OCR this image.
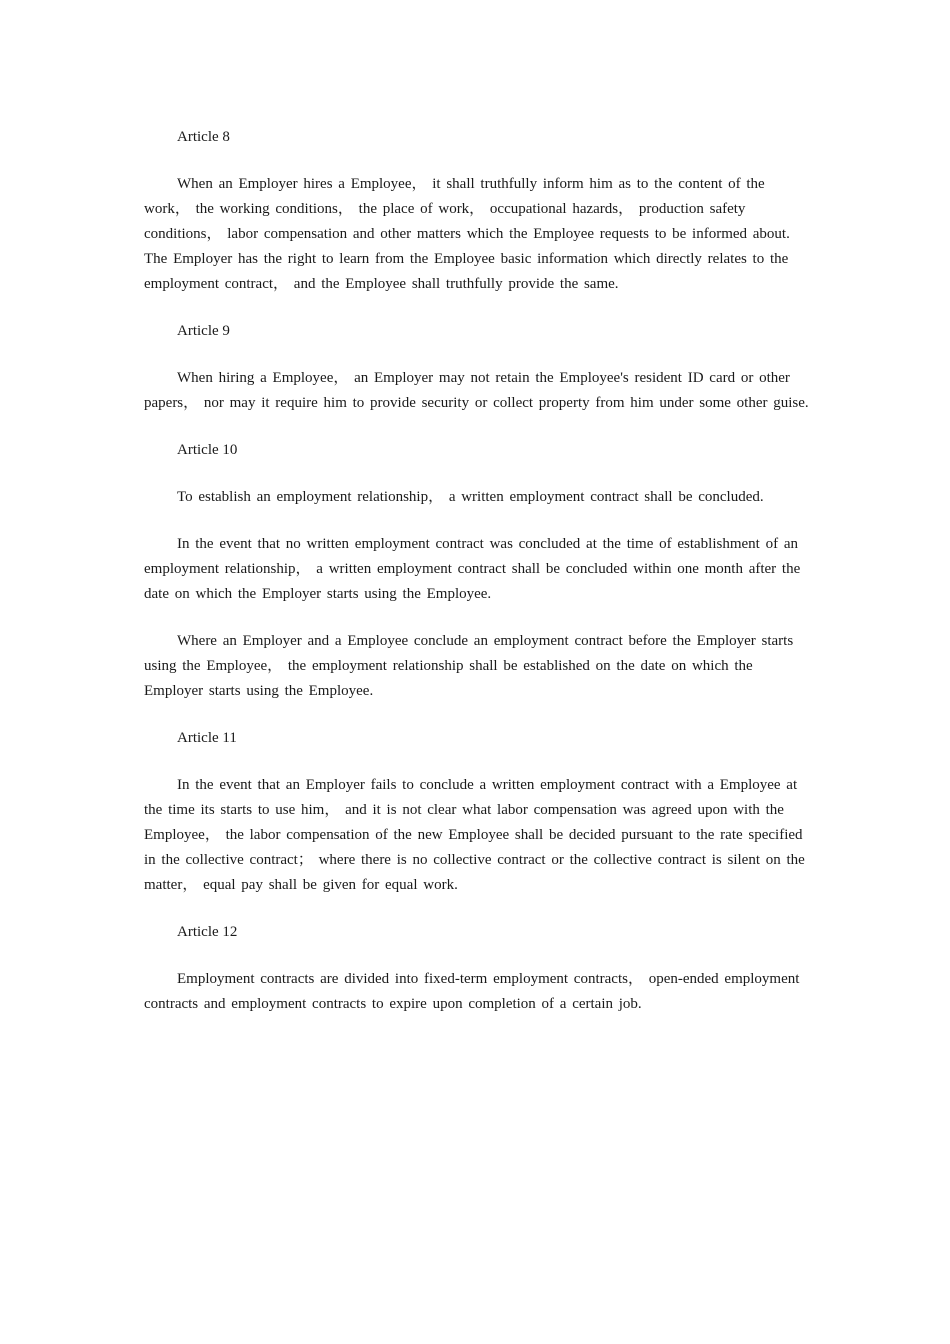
Article 8

When an Employer hires a Employee， it shall truthfully inform him as to the content of the work， the working conditions， the place of work， occupational hazards， production safety conditions， labor compensation and other matters which the Employee requests to be informed about. The Employer has the right to learn from the Employee basic information which directly relates to the employment contract， and the Employee shall truthfully provide the same.

Article 9

When hiring a Employee， an Employer may not retain the Employee's resident ID card or other papers， nor may it require him to provide security or collect property from him under some other guise.

Article 10

To establish an employment relationship， a written employment contract shall be concluded.

In the event that no written employment contract was concluded at the time of establishment of an employment relationship， a written employment contract shall be concluded within one month after the date on which the Employer starts using the Employee.

Where an Employer and a Employee conclude an employment contract before the Employer starts using the Employee， the employment relationship shall be established on the date on which the Employer starts using the Employee.

Article 11

In the event that an Employer fails to conclude a written employment contract with a Employee at the time its starts to use him， and it is not clear what labor compensation was agreed upon with the Employee， the labor compensation of the new Employee shall be decided pursuant to the rate specified in the collective contract； where there is no collective contract or the collective contract is silent on the matter， equal pay shall be given for equal work.

Article 12

Employment contracts are divided into fixed-term employment contracts， open-ended employment contracts and employment contracts to expire upon completion of a certain job.
